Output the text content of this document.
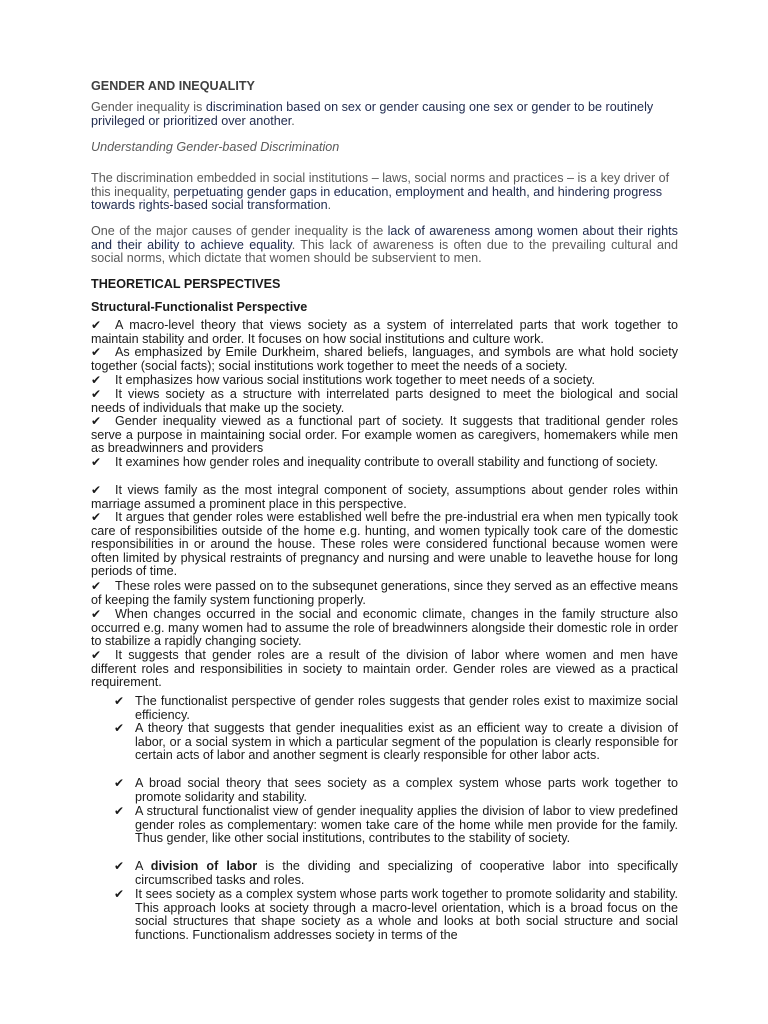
GENDER AND INEQUALITY

Gender inequality is discrimination based on sex or gender causing one sex or gender to be routinely privileged or prioritized over another.

Understanding Gender-based Discrimination

The discrimination embedded in social institutions – laws, social norms and practices – is a key driver of this inequality, perpetuating gender gaps in education, employment and health, and hindering progress towards rights-based social transformation.

One of the major causes of gender inequality is the lack of awareness among women about their rights and their ability to achieve equality. This lack of awareness is often due to the prevailing cultural and social norms, which dictate that women should be subservient to men.

THEORETICAL PERSPECTIVES
Structural-Functionalist Perspective

✔ A macro-level theory that views society as a system of interrelated parts that work together to maintain stability and order. It focuses on how social institutions and culture work.

✔ As emphasized by Emile Durkheim, shared beliefs, languages, and symbols are what hold society together (social facts); social institutions work together to meet the needs of a society.

✔ It emphasizes how various social institutions work together to meet needs of a society.

✔ It views society as a structure with interrelated parts designed to meet the biological and social needs of individuals that make up the society.

✔ Gender inequality viewed as a functional part of society. It suggests that traditional gender roles serve a purpose in maintaining social order. For example women as caregivers, homemakers while men as breadwinners and providers

✔ It examines how gender roles and inequality contribute to overall stability and functiong of society.

✔ It views family as the most integral component of society, assumptions about gender roles within marriage assumed a prominent place in this perspective.

✔ It argues that gender roles were established well befre the pre-industrial era when men typically took care of responsibilities outside of the home e.g. hunting, and women typically took care of the domestic responsibilities in or around the house. These roles were considered functional because women were often limited by physical restraints of pregnancy and nursing and were unable to leavethe house for long periods of time.

✔ These roles were passed on to the subsequnet generations, since they served as an effective means of keeping the family system functioning properly.

✔ When changes occurred in the social and economic climate, changes in the family structure also occurred e.g. many women had to assume the role of breadwinners alongside their domestic role in order to stabilize a rapidly changing society.

✔ It suggests that gender roles are a result of the division of labor where women and men have different roles and responsibilities in society to maintain order. Gender roles are viewed as a practical requirement.

✔ The functionalist perspective of gender roles suggests that gender roles exist to maximize social efficiency.
✔ A theory that suggests that gender inequalities exist as an efficient way to create a division of labor, or a social system in which a particular segment of the population is clearly responsible for certain acts of labor and another segment is clearly responsible for other labor acts.
✔ A broad social theory that sees society as a complex system whose parts work together to promote solidarity and stability.
✔ A structural functionalist view of gender inequality applies the division of labor to view predefined gender roles as complementary: women take care of the home while men provide for the family. Thus gender, like other social institutions, contributes to the stability of society.
✔ A division of labor is the dividing and specializing of cooperative labor into specifically circumscribed tasks and roles.
✔ It sees society as a complex system whose parts work together to promote solidarity and stability. This approach looks at society through a macro-level orientation, which is a broad focus on the social structures that shape society as a whole and looks at both social structure and social functions. Functionalism addresses society in terms of the
